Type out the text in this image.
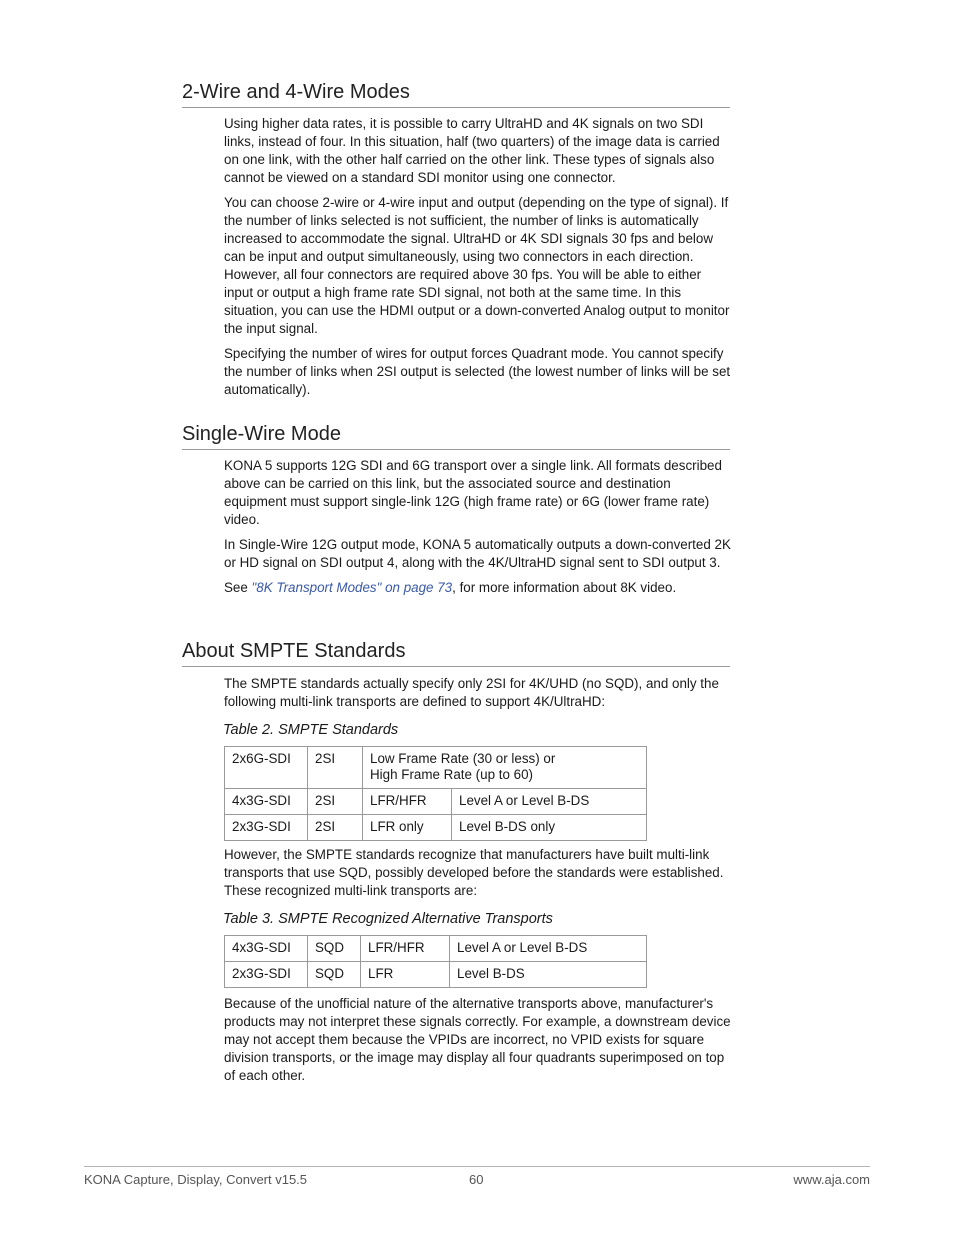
2-Wire and 4-Wire Modes

Using higher data rates, it is possible to carry UltraHD and 4K signals on two SDI links, instead of four. In this situation, half (two quarters) of the image data is carried on one link, with the other half carried on the other link. These types of signals also cannot be viewed on a standard SDI monitor using one connector.

You can choose 2-wire or 4-wire input and output (depending on the type of signal). If the number of links selected is not sufficient, the number of links is automatically increased to accommodate the signal. UltraHD or 4K SDI signals 30 fps and below can be input and output simultaneously, using two connectors in each direction. However, all four connectors are required above 30 fps. You will be able to either input or output a high frame rate SDI signal, not both at the same time. In this situation, you can use the HDMI output or a down-converted Analog output to monitor the input signal.

Specifying the number of wires for output forces Quadrant mode. You cannot specify the number of links when 2SI output is selected (the lowest number of links will be set automatically).

Single-Wire Mode

KONA 5 supports 12G SDI and 6G transport over a single link. All formats described above can be carried on this link, but the associated source and destination equipment must support single-link 12G (high frame rate) or 6G (lower frame rate) video.

In Single-Wire 12G output mode, KONA 5 automatically outputs a down-converted 2K or HD signal on SDI output 4, along with the 4K/UltraHD signal sent to SDI output 3.

See "8K Transport Modes" on page 73, for more information about 8K video.

About SMPTE Standards

The SMPTE standards actually specify only 2SI for 4K/UHD (no SQD), and only the following multi-link transports are defined to support 4K/UltraHD:

Table 2. SMPTE Standards
2x6G-SDI	2SI	Low Frame Rate (30 or less) or
High Frame Rate (up to 60)	

4x3G-SDI	2SI	LFR/HFR	Level A or Level B-DS
2x3G-SDI	2SI	LFR only	Level B-DS only

However, the SMPTE standards recognize that manufacturers have built multi-link transports that use SQD, possibly developed before the standards were established. These recognized multi-link transports are:

Table 3. SMPTE Recognized Alternative Transports
4x3G-SDI	SQD	LFR/HFR	Level A or Level B-DS
2x3G-SDI	SQD	LFR	Level B-DS

Because of the unofficial nature of the alternative transports above, manufacturer's products may not interpret these signals correctly. For example, a downstream device may not accept them because the VPIDs are incorrect, no VPID exists for square division transports, or the image may display all four quadrants superimposed on top of each other.

KONA Capture, Display, Convert v15.5	60	www.aja.com
